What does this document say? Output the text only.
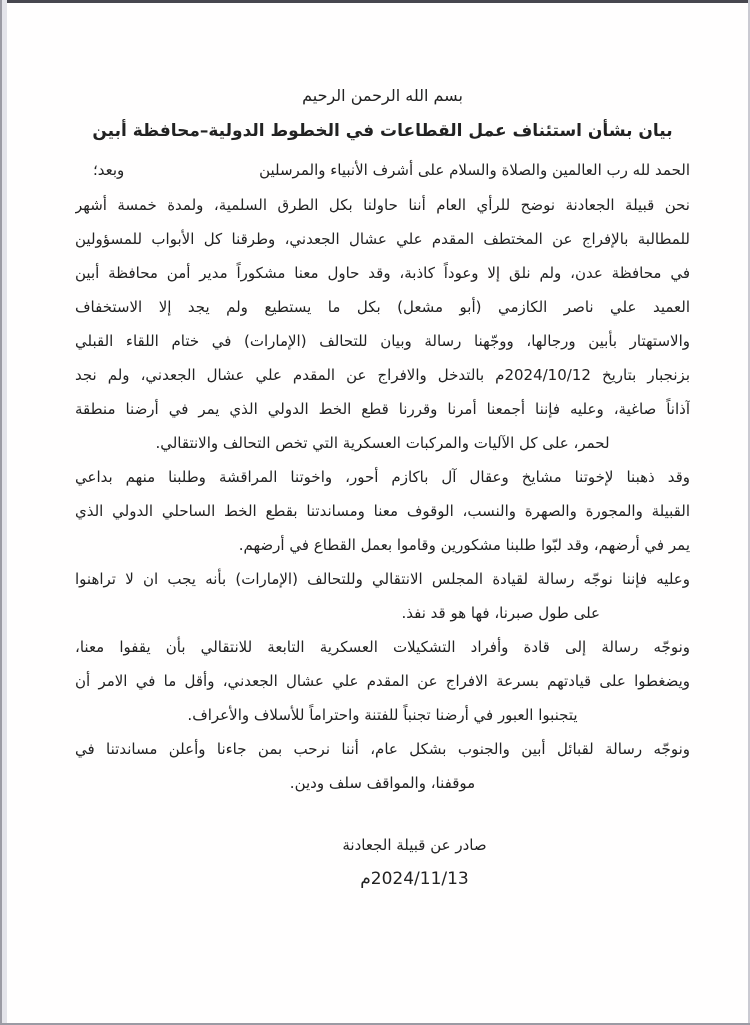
بسم الله الرحمن الرحيم
بيان بشأن استئناف عمل القطاعات في الخطوط الدولية–محافظة أبين
الحمد لله رب العالمين والصلاة والسلام على أشرف الأنبياء والمرسلين
وبعد؛
نحن قبيلة الجعادنة نوضح للرأي العام أننا حاولنا بكل الطرق السلمية، ولمدة خمسة أشهر
للمطالبة بالإفراج عن المختطف المقدم علي عشال الجعدني، وطرقنا كل الأبواب للمسؤولين
في محافظة عدن، ولم نلق إلا وعوداً كاذبة، وقد حاول معنا مشكوراً مدير أمن محافظة أبين
العميد علي ناصر الكازمي (أبو مشعل) بكل ما يستطيع ولم يجد إلا الاستخفاف
والاستهتار بأبين ورجالها، ووجّهنا رسالة وبيان للتحالف (الإمارات) في ختام اللقاء القبلي
بزنجبار بتاريخ 2024/10/12م بالتدخل والافراج عن المقدم علي عشال الجعدني، ولم نجد
آذاناً صاغية، وعليه فإننا أجمعنا أمرنا وقررنا قطع الخط الدولي الذي يمر في أرضنا منطقة
لحمر، على كل الآليات والمركبات العسكرية التي تخص التحالف والانتقالي.
وقد ذهبنا لإخوتنا مشايخ وعقال آل باكازم أحور، واخوتنا المراقشة وطلبنا منهم بداعي
القبيلة والمجورة والصهرة والنسب، الوقوف معنا ومساندتنا بقطع الخط الساحلي الدولي الذي
يمر في أرضهم، وقد لبّوا طلبنا مشكورين وقاموا بعمل القطاع في أرضهم.
وعليه فإننا نوجّه رسالة لقيادة المجلس الانتقالي وللتحالف (الإمارات) بأنه يجب ان لا تراهنوا
على طول صبرنا، فها هو قد نفذ.
ونوجّه رسالة إلى قادة وأفراد التشكيلات العسكرية التابعة للانتقالي بأن يقفوا معنا،
ويضغطوا على قيادتهم بسرعة الافراج عن المقدم علي عشال الجعدني، وأقل ما في الامر أن
يتجنبوا العبور في أرضنا تجنباً للفتنة واحتراماً للأسلاف والأعراف.
ونوجّه رسالة لقبائل أبين والجنوب بشكل عام، أننا نرحب بمن جاءنا وأعلن مساندتنا في
موقفنا، والمواقف سلف ودين.
صادر عن قبيلة الجعادنة
2024/11/13م
